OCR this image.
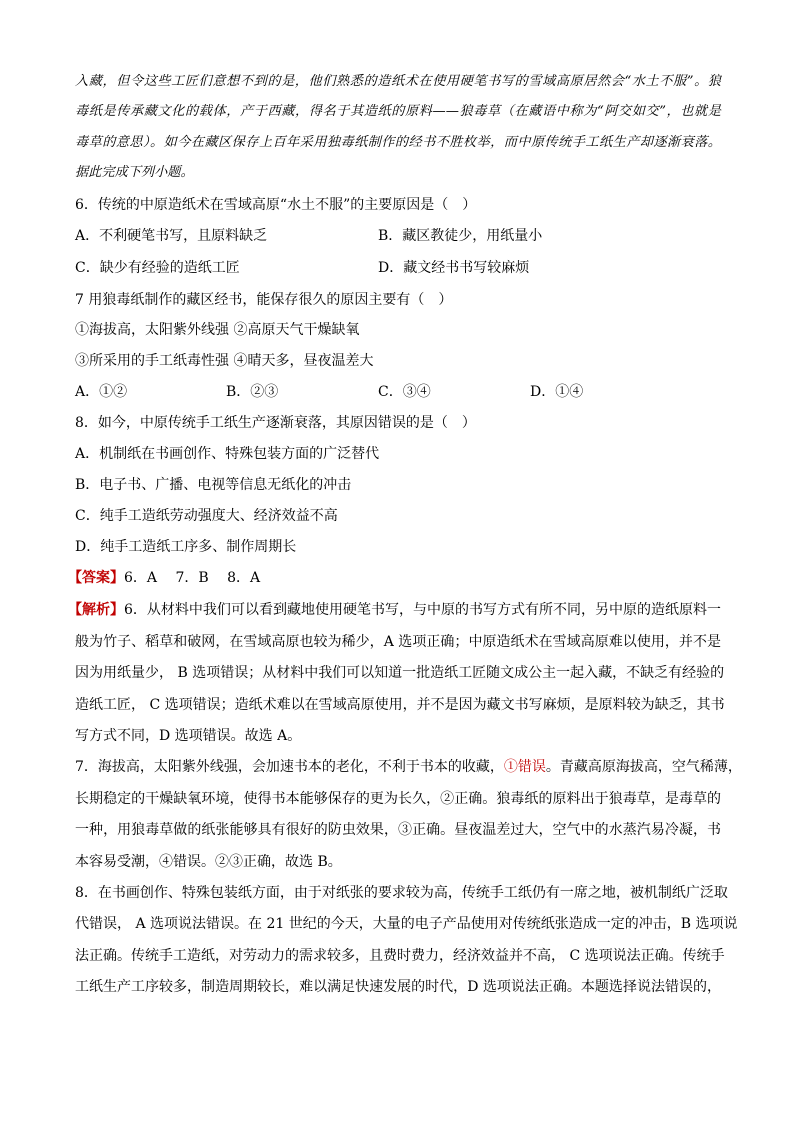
入藏，但令这些工匠们意想不到的是，他们熟悉的造纸术在使用硬笔书写的雪域高原居然会“水土不服”。狼
毒纸是传承藏文化的载体，产于西藏，得名于其造纸的原料——狼毒草（在藏语中称为“阿交如交”，也就是
毒草的意思）。如今在藏区保存上百年采用独毒纸制作的经书不胜枚举，而中原传统手工纸生产却逐渐衰落。
据此完成下列小题。
6．传统的中原造纸术在雪域高原“水土不服”的主要原因是（　）
A．不利硬笔书写，且原料缺乏	B．藏区教徒少，用纸量小
C．缺少有经验的造纸工匠	D．藏文经书书写较麻烦
7 用狼毒纸制作的藏区经书，能保存很久的原因主要有（　）
①海拔高，太阳紫外线强 ②高原天气干燥缺氧
③所采用的手工纸毒性强 ④晴天多，昼夜温差大
A．①②	B．②③	C．③④	D．①④
8．如今，中原传统手工纸生产逐渐衰落，其原因错误的是（　）
A．机制纸在书画创作、特殊包装方面的广泛替代
B．电子书、广播、电视等信息无纸化的冲击
C．纯手工造纸劳动强度大、经济效益不高
D．纯手工造纸工序多、制作周期长
【答案】6．A　 7．B　 8．A
【解析】6．从材料中我们可以看到藏地使用硬笔书写，与中原的书写方式有所不同，另中原的造纸原料一
般为竹子、稻草和破网，在雪域高原也较为稀少，A 选项正确；中原造纸术在雪域高原难以使用，并不是
因为用纸量少， B 选项错误；从材料中我们可以知道一批造纸工匠随文成公主一起入藏，不缺乏有经验的
造纸工匠， C 选项错误；造纸术难以在雪域高原使用，并不是因为藏文书写麻烦，是原料较为缺乏，其书
写方式不同，D 选项错误。故选 A。
7．海拔高，太阳紫外线强，会加速书本的老化，不利于书本的收藏，①错误。青藏高原海拔高，空气稀薄，
长期稳定的干燥缺氧环境，使得书本能够保存的更为长久，②正确。狼毒纸的原料出于狼毒草，是毒草的
一种，用狼毒草做的纸张能够具有很好的防虫效果，③正确。昼夜温差过大，空气中的水蒸汽易冷凝，书
本容易受潮，④错误。②③正确，故选 B。
8．在书画创作、特殊包装纸方面，由于对纸张的要求较为高，传统手工纸仍有一席之地，被机制纸广泛取
代错误， A 选项说法错误。在 21 世纪的今天，大量的电子产品使用对传统纸张造成一定的冲击，B 选项说
法正确。传统手工造纸，对劳动力的需求较多，且费时费力，经济效益并不高， C 选项说法正确。传统手
工纸生产工序较多，制造周期较长，难以满足快速发展的时代，D 选项说法正确。本题选择说法错误的，
